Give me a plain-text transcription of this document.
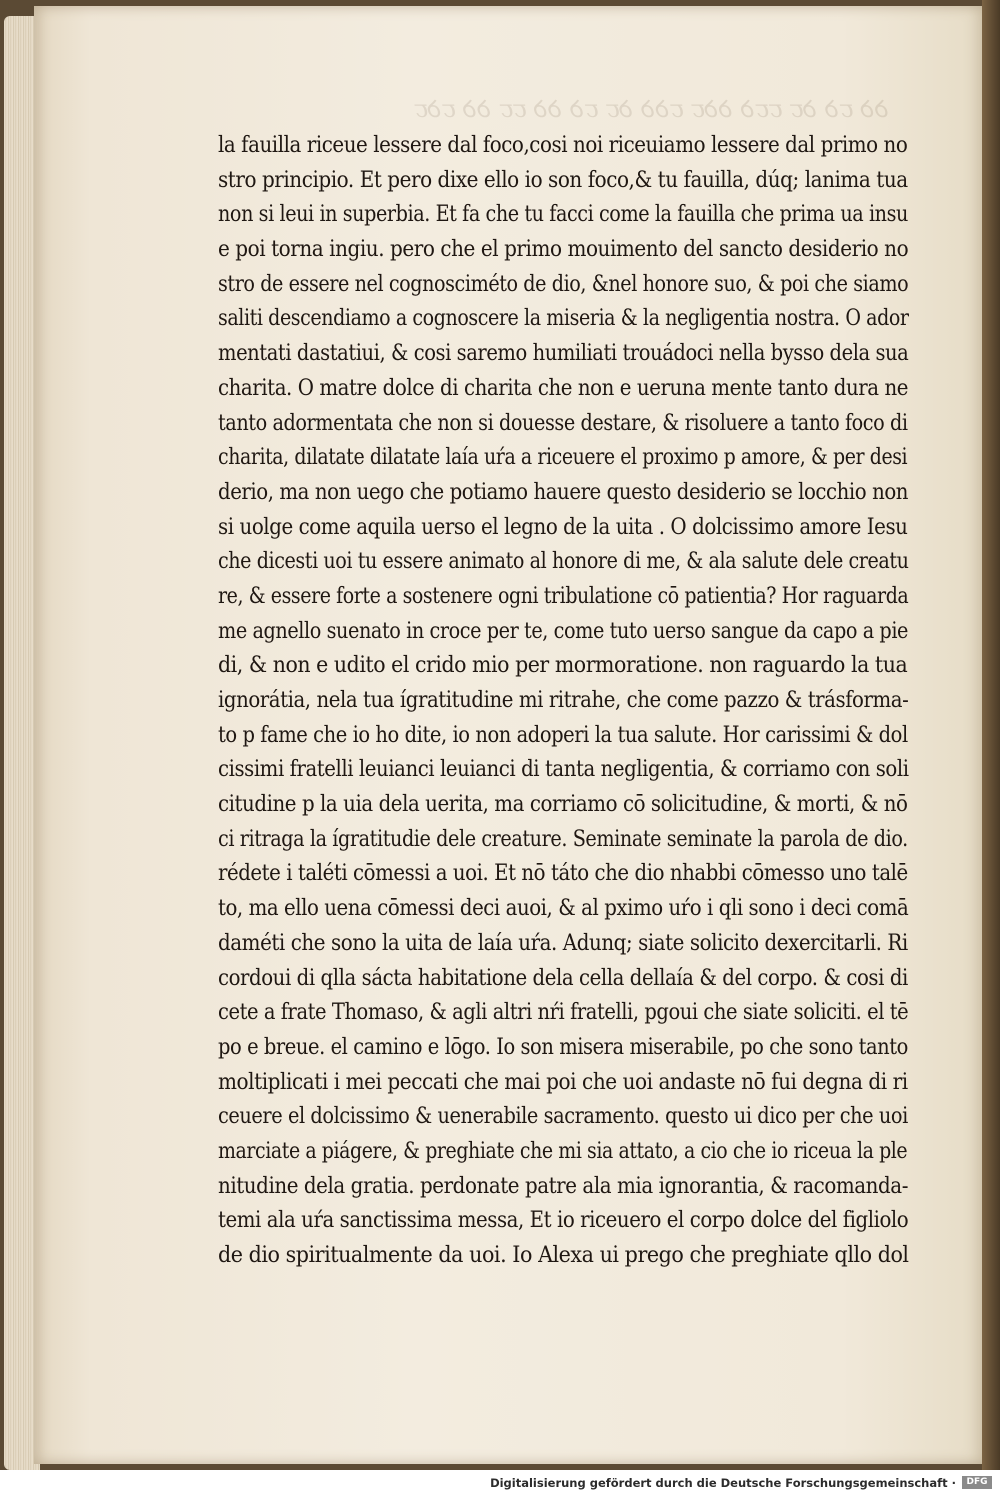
ꝺꝺ ꞇꝺ ꝺꞇ ꞇꞇꝺ ꝺꝺꞇ ꞇꝺꝺ ꝺꞇ ꞇꝺ ꝺꝺ ꞇꞇ ꝺꝺ ꞇꝺꞇ
la fauilla riceue lessere dal foco,cosi noi riceuiamo lessere dal primo no
stro principio. Et pero dixe ello io son foco,& tu fauilla, dúq; lanima tua
non si leui in superbia. Et fa che tu facci come la fauilla che prima ua insu
e poi torna ingiu. pero che el primo mouimento del sancto desiderio no
stro de essere nel cognosciméto de dio, &nel honore suo, & poi che siamo
saliti descendiamo a cognoscere la miseria & la negligentia nostra. O ador
mentati dastatiui, & cosi saremo humiliati trouádoci nella bysso dela sua
charita. O matre dolce di charita che non e ueruna mente tanto dura ne
tanto adormentata che non si douesse destare, & risoluere a tanto foco di
charita, dilatate dilatate laía uŕa a riceuere el proximo p amore, & per desi
derio, ma non uego che potiamo hauere questo desiderio se locchio non
si uolge come aquila uerso el legno de la uita . O dolcissimo amore Iesu
che dicesti uoi tu essere animato al honore di me, & ala salute dele creatu
re, & essere forte a sostenere ogni tribulatione cō patientia? Hor raguarda
me agnello suenato in croce per te, come tuto uerso sangue da capo a pie
di, & non e udito el crido mio per mormoratione. non raguardo la tua
ignorátia, nela tua ígratitudine mi ritrahe, che come pazzo & trásforma-
to p fame che io ho dite, io non adoperi la tua salute. Hor carissimi & dol
cissimi fratelli leuianci leuianci di tanta negligentia, & corriamo con soli
citudine p la uia dela uerita, ma corriamo cō solicitudine, & morti, & nō
ci ritraga la ígratitudie dele creature. Seminate seminate la parola de dio.
rédete i taléti cōmessi a uoi. Et nō táto che dio nhabbi cōmesso uno talē
to, ma ello uena cōmessi deci auoi, & al pximo uŕo i qli sono i deci comā
daméti che sono la uita de laía uŕa. Adunq; siate solicito dexercitarli. Ri
cordoui di qlla sácta habitatione dela cella dellaía & del corpo. & cosi di
cete a frate Thomaso, & agli altri nŕi fratelli, pgoui che siate soliciti. el tē
po e breue. el camino e lōgo. Io son misera miserabile, po che sono tanto
moltiplicati i mei peccati che mai poi che uoi andaste nō fui degna di ri
ceuere el dolcissimo & uenerabile sacramento. questo ui dico per che uoi
marciate a piágere, & preghiate che mi sia attato, a cio che io riceua la ple
nitudine dela gratia. perdonate patre ala mia ignorantia, & racomanda-
temi ala uŕa sanctissima messa, Et io riceuero el corpo dolce del figliolo
de dio spiritualmente da uoi. Io Alexa ui prego che preghiate qllo dol
Digitalisierung gefördert durch die Deutsche Forschungsgemeinschaft ·	DFG
